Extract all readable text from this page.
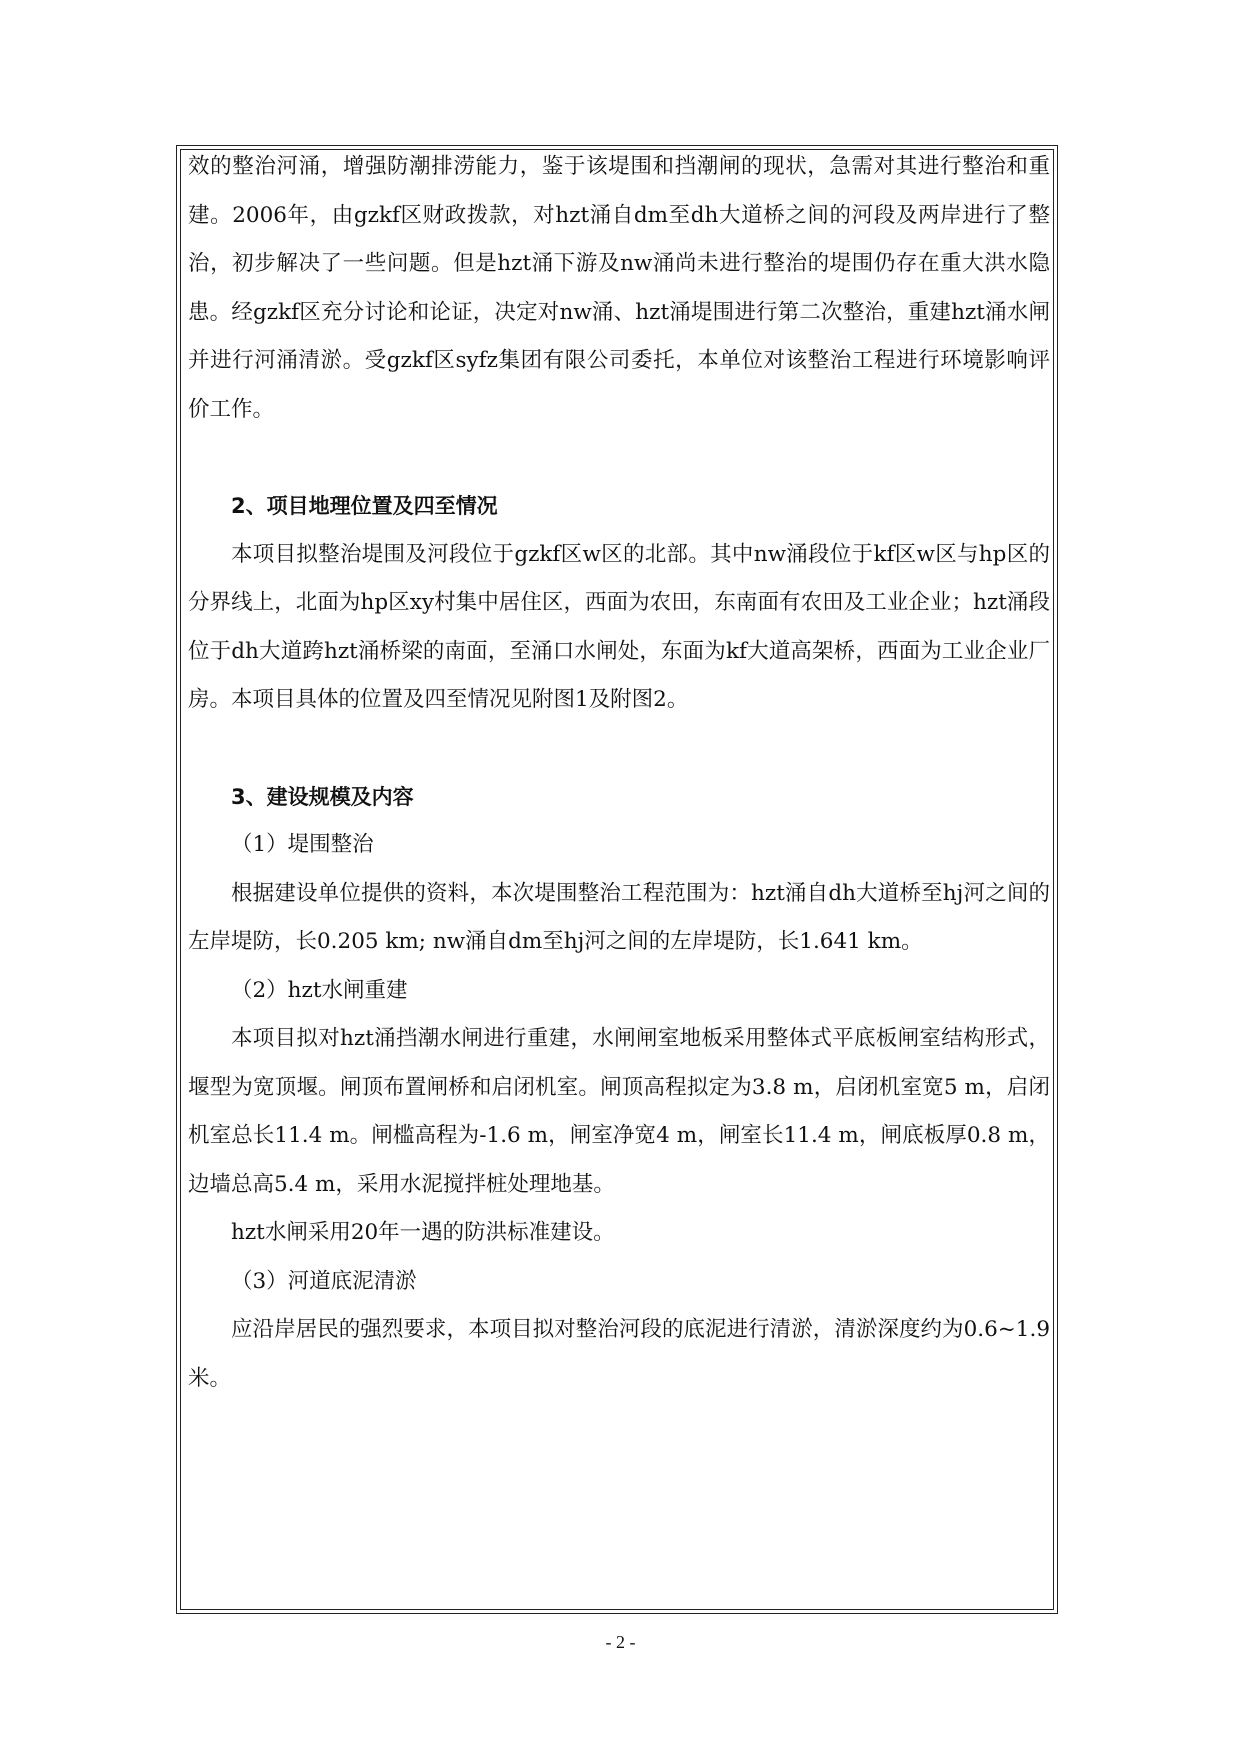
效的整治河涌，增强防潮排涝能力，鉴于该堤围和挡潮闸的现状，急需对其进行整治和重建。2006年，由gzkf区财政拨款，对hzt涌自dm至dh大道桥之间的河段及两岸进行了整治，初步解决了一些问题。但是hzt涌下游及nw涌尚未进行整治的堤围仍存在重大洪水隐患。经gzkf区充分讨论和论证，决定对nw涌、hzt涌堤围进行第二次整治，重建hzt涌水闸并进行河涌清淤。受gzkf区syfz集团有限公司委托，本单位对该整治工程进行环境影响评价工作。

2、项目地理位置及四至情况

本项目拟整治堤围及河段位于gzkf区w区的北部。其中nw涌段位于kf区w区与hp区的分界线上，北面为hp区xy村集中居住区，西面为农田，东南面有农田及工业企业；hzt涌段位于dh大道跨hzt涌桥梁的南面，至涌口水闸处，东面为kf大道高架桥，西面为工业企业厂房。本项目具体的位置及四至情况见附图1及附图2。

3、建设规模及内容

（1）堤围整治

根据建设单位提供的资料，本次堤围整治工程范围为：hzt涌自dh大道桥至hj河之间的左岸堤防，长0.205 km; nw涌自dm至hj河之间的左岸堤防，长1.641 km。

（2）hzt水闸重建

本项目拟对hzt涌挡潮水闸进行重建，水闸闸室地板采用整体式平底板闸室结构形式，堰型为宽顶堰。闸顶布置闸桥和启闭机室。闸顶高程拟定为3.8 m，启闭机室宽5 m，启闭机室总长11.4 m。闸槛高程为-1.6 m，闸室净宽4 m，闸室长11.4 m，闸底板厚0.8 m，边墙总高5.4 m，采用水泥搅拌桩处理地基。

hzt水闸采用20年一遇的防洪标准建设。

（3）河道底泥清淤

应沿岸居民的强烈要求，本项目拟对整治河段的底泥进行清淤，清淤深度约为0.6~1.9米。

- 2 -
